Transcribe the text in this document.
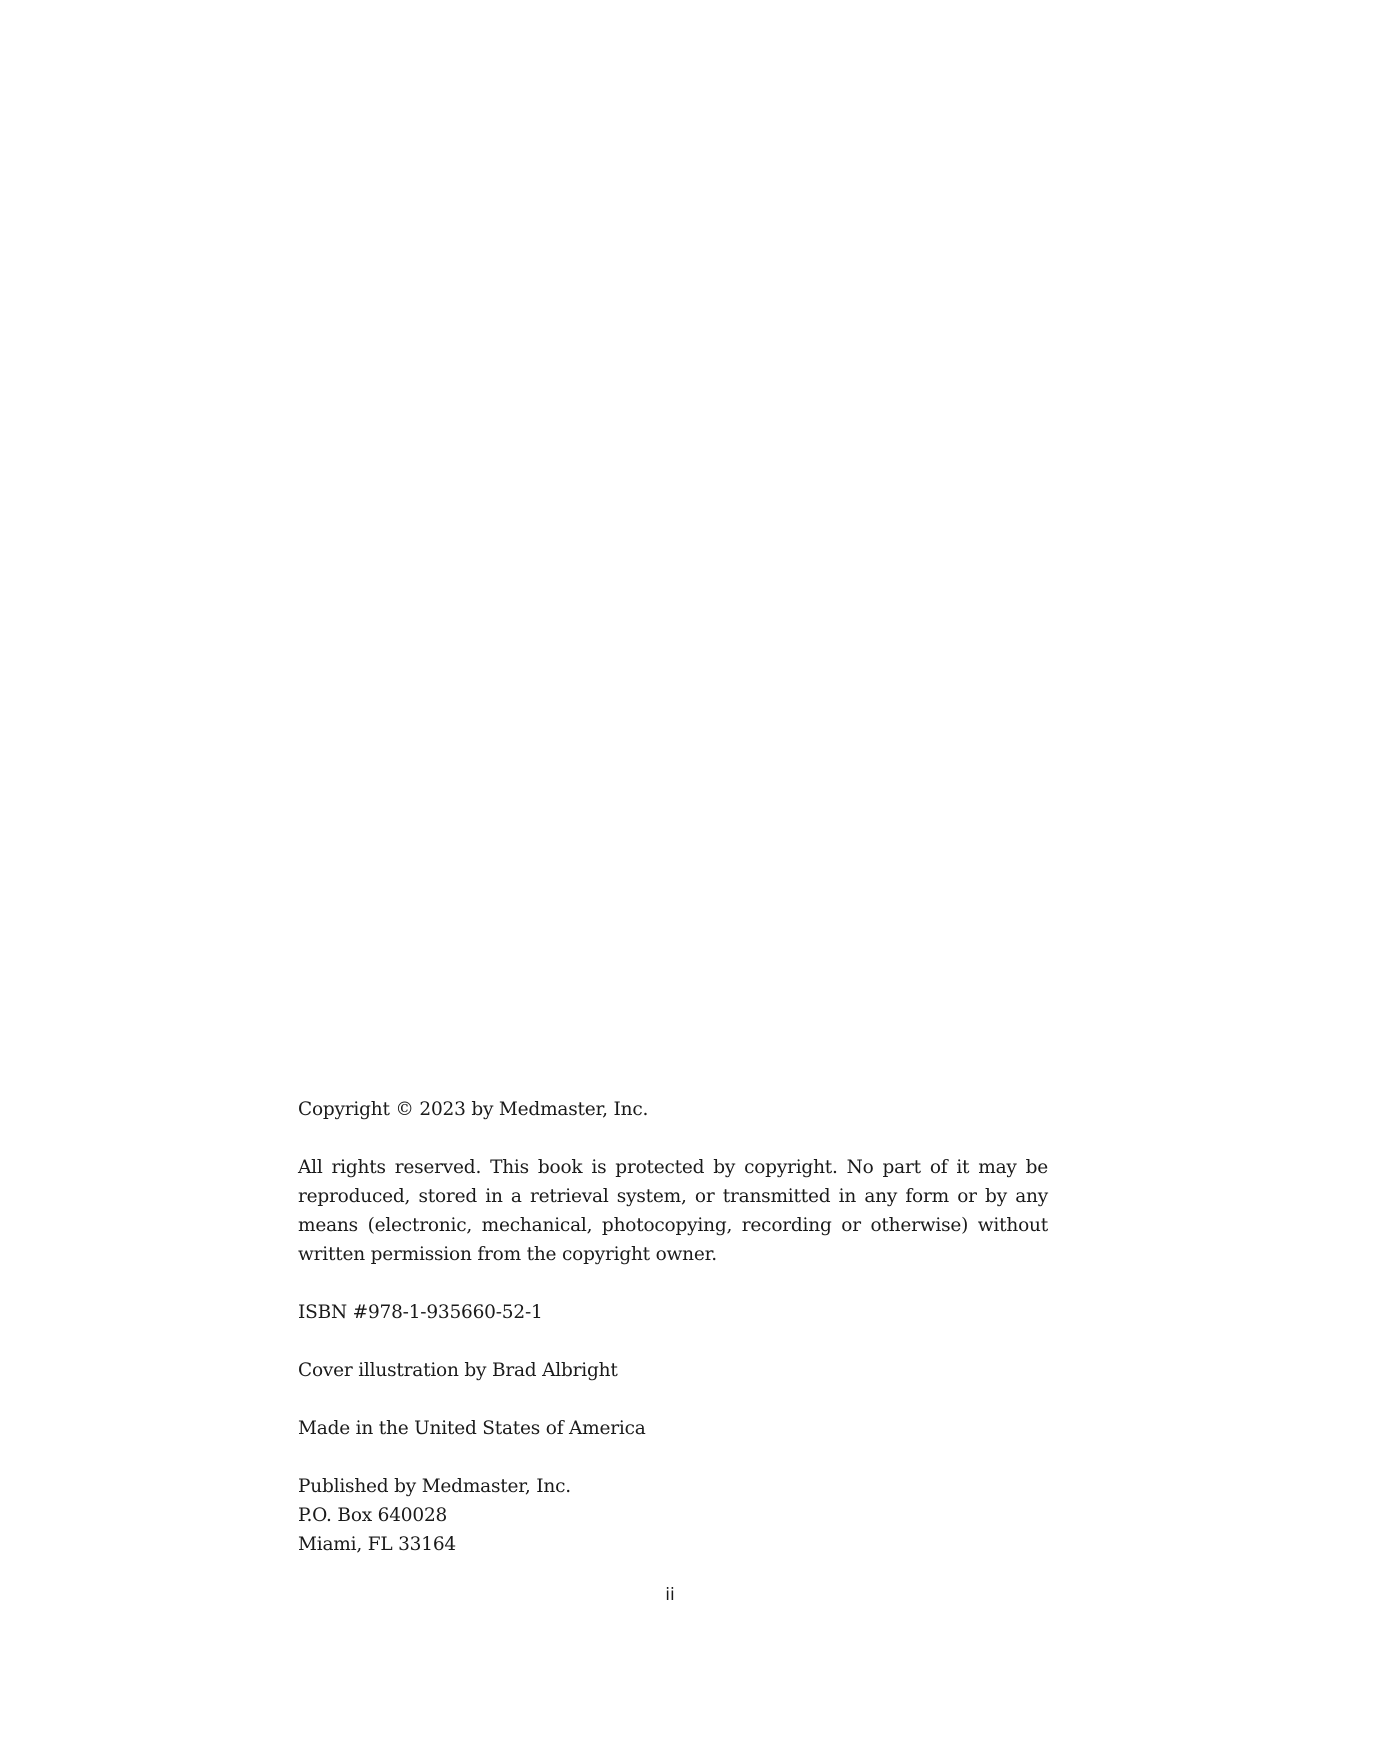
Copyright © 2023 by Medmaster, Inc.

All rights reserved. This book is protected by copyright. No part of it may be reproduced, stored in a retrieval system, or transmitted in any form or by any means (electronic, mechanical, photocopying, recording or otherwise) without written permission from the copyright owner.

ISBN #978-1-935660-52-1

Cover illustration by Brad Albright

Made in the United States of America

Published by Medmaster, Inc.
P.O. Box 640028
Miami, FL 33164

ii
